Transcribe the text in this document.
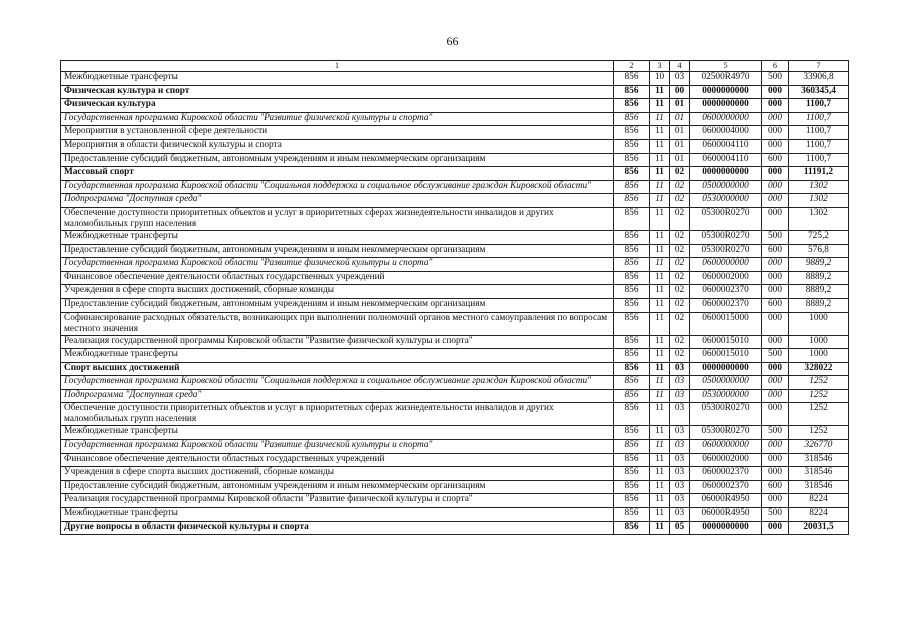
66
1	2	3	4	5	6	7
Межбюджетные трансферты	856	10	03	02500R4970	500	33906,8
Физическая культура и спорт	856	11	00	0000000000	000	360345,4
Физическая культура	856	11	01	0000000000	000	1100,7
Государственная программа Кировской области "Развитие физической культуры и спорта"	856	11	01	0600000000	000	1100,7
Мероприятия в установленной сфере деятельности	856	11	01	0600004000	000	1100,7
Мероприятия в области физической культуры и спорта	856	11	01	0600004110	000	1100,7
Предоставление субсидий бюджетным, автономным учреждениям и иным некоммерческим организациям	856	11	01	0600004110	600	1100,7
Массовый спорт	856	11	02	0000000000	000	11191,2
Государственная программа Кировской области "Социальная поддержка и социальное обслуживание граждан Кировской области"	856	11	02	0500000000	000	1302
Подпрограмма "Доступная среда"	856	11	02	0530000000	000	1302
Обеспечение доступности приоритетных объектов и услуг в приоритетных сферах жизнедеятельности инвалидов и других маломобильных групп населения	856	11	02	05300R0270	000	1302
Межбюджетные трансферты	856	11	02	05300R0270	500	725,2
Предоставление субсидий бюджетным, автономным учреждениям и иным некоммерческим организациям	856	11	02	05300R0270	600	576,8
Государственная программа Кировской области "Развитие физической культуры и спорта"	856	11	02	0600000000	000	9889,2
Финансовое обеспечение деятельности областных государственных учреждений	856	11	02	0600002000	000	8889,2
Учреждения в сфере спорта высших достижений, сборные команды	856	11	02	0600002370	000	8889,2
Предоставление субсидий бюджетным, автономным учреждениям и иным некоммерческим организациям	856	11	02	0600002370	600	8889,2
Софинансирование расходных обязательств, возникающих при выполнении полномочий органов местного самоуправления по вопросам местного значения	856	11	02	0600015000	000	1000
Реализация государственной программы Кировской области "Развитие физической культуры и спорта"	856	11	02	0600015010	000	1000
Межбюджетные трансферты	856	11	02	0600015010	500	1000
Спорт высших достижений	856	11	03	0000000000	000	328022
Государственная программа Кировской области "Социальная поддержка и социальное обслуживание граждан Кировской области"	856	11	03	0500000000	000	1252
Подпрограмма "Доступная среда"	856	11	03	0530000000	000	1252
Обеспечение доступности приоритетных объектов и услуг в приоритетных сферах жизнедеятельности инвалидов и других маломобильных групп населения	856	11	03	05300R0270	000	1252
Межбюджетные трансферты	856	11	03	05300R0270	500	1252
Государственная программа Кировской области "Развитие физической культуры и спорта"	856	11	03	0600000000	000	326770
Финансовое обеспечение деятельности областных государственных учреждений	856	11	03	0600002000	000	318546
Учреждения в сфере спорта высших достижений, сборные команды	856	11	03	0600002370	000	318546
Предоставление субсидий бюджетным, автономным учреждениям и иным некоммерческим организациям	856	11	03	0600002370	600	318546
Реализация государственной программы Кировской области "Развитие физической культуры и спорта"	856	11	03	06000R4950	000	8224
Межбюджетные трансферты	856	11	03	06000R4950	500	8224
Другие вопросы в области физической культуры и спорта	856	11	05	0000000000	000	20031,5
